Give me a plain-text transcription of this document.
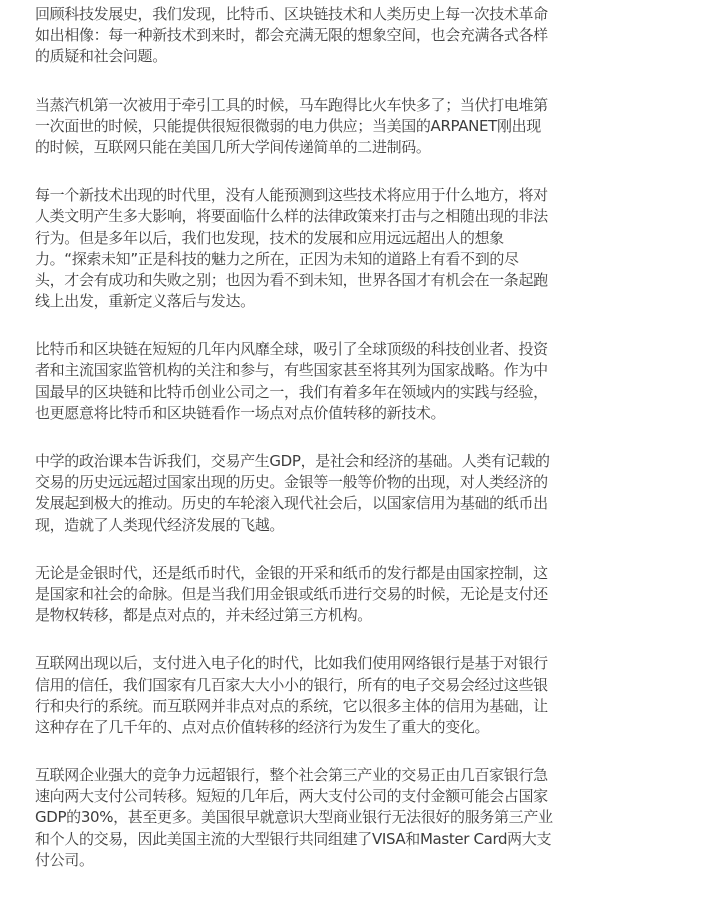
回顾科技发展史，我们发现，比特币、区块链技术和人类历史上每一次技术革命
如出相像：每一种新技术到来时，都会充满无限的想象空间，也会充满各式各样
的质疑和社会问题。

当蒸汽机第一次被用于牵引工具的时候，马车跑得比火车快多了；当伏打电堆第
一次面世的时候，只能提供很短很微弱的电力供应；当美国的ARPANET刚出现
的时候，互联网只能在美国几所大学间传递简单的二进制码。

每一个新技术出现的时代里，没有人能预测到这些技术将应用于什么地方，将对
人类文明产生多大影响，将要面临什么样的法律政策来打击与之相随出现的非法
行为。但是多年以后，我们也发现，技术的发展和应用远远超出人的想象
力。“探索未知”正是科技的魅力之所在，正因为未知的道路上有看不到的尽
头，才会有成功和失败之别；也因为看不到未知，世界各国才有机会在一条起跑
线上出发，重新定义落后与发达。

比特币和区块链在短短的几年内风靡全球，吸引了全球顶级的科技创业者、投资
者和主流国家监管机构的关注和参与，有些国家甚至将其列为国家战略。作为中
国最早的区块链和比特币创业公司之一，我们有着多年在领域内的实践与经验，
也更愿意将比特币和区块链看作一场点对点价值转移的新技术。

中学的政治课本告诉我们，交易产生GDP，是社会和经济的基础。人类有记载的
交易的历史远远超过国家出现的历史。金银等一般等价物的出现，对人类经济的
发展起到极大的推动。历史的车轮滚入现代社会后，以国家信用为基础的纸币出
现，造就了人类现代经济发展的飞越。

无论是金银时代，还是纸币时代，金银的开采和纸币的发行都是由国家控制，这
是国家和社会的命脉。但是当我们用金银或纸币进行交易的时候，无论是支付还
是物权转移，都是点对点的，并未经过第三方机构。

互联网出现以后，支付进入电子化的时代，比如我们使用网络银行是基于对银行
信用的信任，我们国家有几百家大大小小的银行，所有的电子交易会经过这些银
行和央行的系统。而互联网并非点对点的系统，它以很多主体的信用为基础，让
这种存在了几千年的、点对点价值转移的经济行为发生了重大的变化。

互联网企业强大的竞争力远超银行，整个社会第三产业的交易正由几百家银行急
速向两大支付公司转移。短短的几年后，两大支付公司的支付金额可能会占国家
GDP的30%，甚至更多。美国很早就意识大型商业银行无法很好的服务第三产业
和个人的交易，因此美国主流的大型银行共同组建了VISA和Master Card两大支
付公司。
